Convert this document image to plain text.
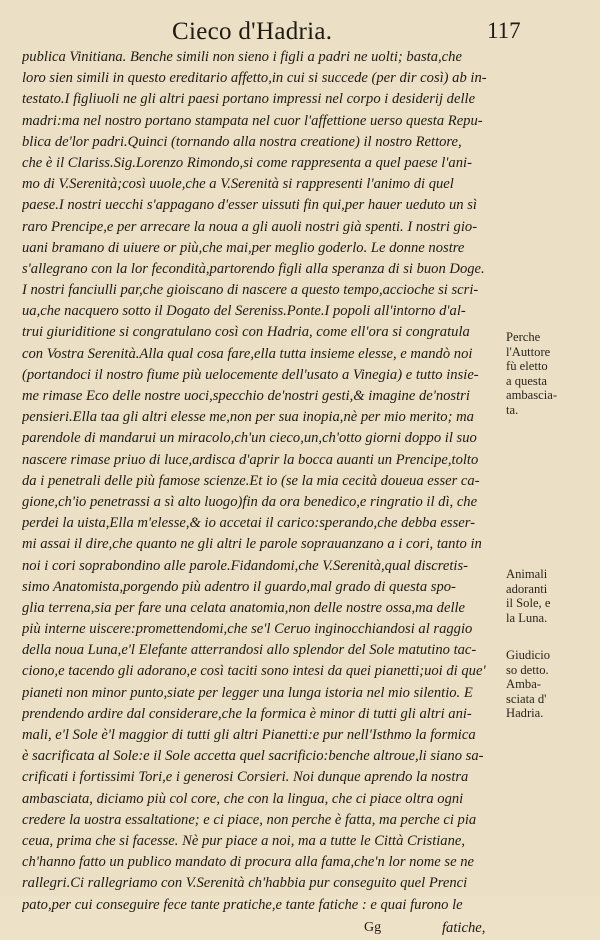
Cieco d'Hadria.	117
publica Vinitiana. Benche simili non sieno i figli a padri ne uolti; basta,che
loro sien simili in questo ereditario affetto,in cui si succede (per dir così) ab in-
testato.I figliuoli ne gli altri paesi portano impressi nel corpo i desiderij delle
madri:ma nel nostro portano stampata nel cuor l'affettione uerso questa Repu-
blica de'lor padri.Quinci (tornando alla nostra creatione) il nostro Rettore,
che è il Clariss.Sig.Lorenzo Rimondo,si come rappresenta a quel paese l'ani-
mo di V.Serenità;così uuole,che a V.Serenità si rappresenti l'animo di quel
paese.I nostri uecchi s'appagano d'esser uissuti fin qui,per hauer ueduto un sì
raro Prencipe,e per arrecare la noua a gli auoli nostri già spenti. I nostri gio-
uani bramano di uiuere or più,che mai,per meglio goderlo. Le donne nostre
s'allegrano con la lor fecondità,partorendo figli alla speranza di si buon Doge.
I nostri fanciulli par,che gioiscano di nascere a questo tempo,accioche si scri-
ua,che nacquero sotto il Dogato del Sereniss.Ponte.I popoli all'intorno d'al-
trui giuriditione si congratulano così con Hadria, come ell'ora si congratula
con Vostra Serenità.Alla qual cosa fare,ella tutta insieme elesse, e mandò noi
(portandoci il nostro fiume più uelocemente dell'usato a Vinegia) e tutto insie-
me rimase Eco delle nostre uoci,specchio de'nostri gesti,& imagine de'nostri
pensieri.Ella taa gli altri elesse me,non per sua inopia,nè per mio merito; ma
parendole di mandarui un miracolo,ch'un cieco,un,ch'otto giorni doppo il suo
nascere rimase priuo di luce,ardisca d'aprir la bocca auanti un Prencipe,tolto
da i penetrali delle più famose scienze.Et io (se la mia cecità doueua esser ca-
gione,ch'io penetrassi a sì alto luogo)fin da ora benedico,e ringratio il dì, che
perdei la uista,Ella m'elesse,& io accetai il carico:sperando,che debba esser-
mi assai il dire,che quanto ne gli altri le parole soprauanzano a i cori, tanto in
noi i cori soprabondino alle parole.Fidandomi,che V.Serenità,qual discretis-
simo Anatomista,porgendo più adentro il guardo,mal grado di questa spo-
glia terrena,sia per fare una celata anatomia,non delle nostre ossa,ma delle
più interne uiscere:promettendomi,che se'l Ceruo inginocchiandosi al raggio
della noua Luna,e'l Elefante atterrandosi allo splendor del Sole matutino tac-
ciono,e tacendo gli adorano,e così taciti sono intesi da quei pianetti;uoi di que'
pianeti non minor punto,siate per legger una lunga istoria nel mio silentio. E
prendendo ardire dal considerare,che la formica è minor di tutti gli altri ani-
mali, e'l Sole è'l maggior di tutti gli altri Pianetti:e pur nell'Isthmo la formica
è sacrificata al Sole:e il Sole accetta quel sacrificio:benche altroue,li siano sa-
crificati i fortissimi Tori,e i generosi Corsieri. Noi dunque aprendo la nostra
ambasciata, diciamo più col core, che con la lingua, che ci piace oltra ogni
credere la uostra essaltatione; e ci piace, non perche è fatta, ma perche ci pia
ceua, prima che si facesse. Nè pur piace a noi, ma a tutte le Città Cristiane,
ch'hanno fatto un publico mandato di procura alla fama,che'n lor nome se ne
rallegri.Ci rallegriamo con V.Serenità ch'habbia pur conseguito quel Prenci
pato,per cui conseguire fece tante pratiche,e tante fatiche : e quai furono le
Gg	fatiche,
Perche
l'Auttore
fù eletto
a questa
ambascia-
ta.
Animali
adoranti
il Sole, e
la Luna.
Giudicio
so detto.
Amba-
sciata d'
Hadria.
